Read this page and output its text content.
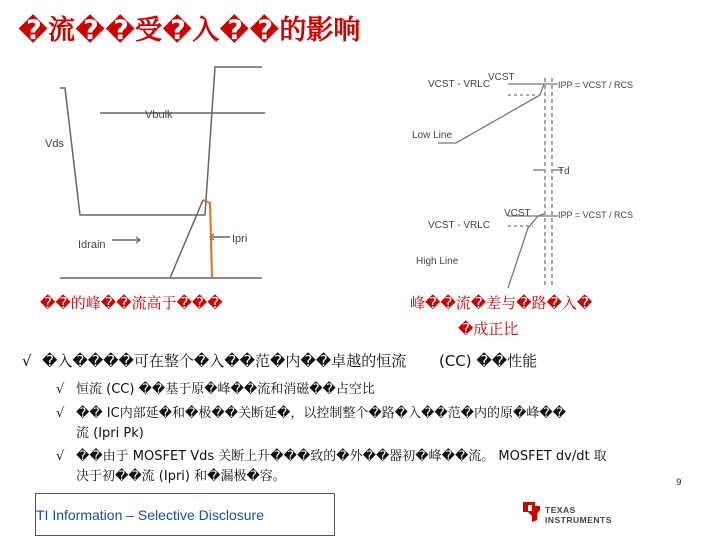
�流��受�入��的影响
Vbulk
Vds
Idrain	Ipri
��的峰��流高于���
VCST - VRLC
VCST
IPP = VCST / RCS
Low Line
Td
VCST - VRLC
VCST	IPP = VCST / RCS
High Line
峰��流�差与�路�入�
�成正比
√ �入����可在整个�入��范�内��卓越的恒流 (CC) ��性能
√ 恒流 (CC) ��基于原�峰��流和消磁��占空比
√ �� IC内部延�和�极��关断延�，以控制整个�路�入��范�内的原�峰��
流 (Ipri Pk)
√ ��由于 MOSFET Vds 关断上升���致的�外��器初�峰��流。 MOSFET dv/dt 取
决于初��流 (Ipri) 和�漏极�容。
TI Information – Selective Disclosure
9
TEXAS
INSTRUMENTS
